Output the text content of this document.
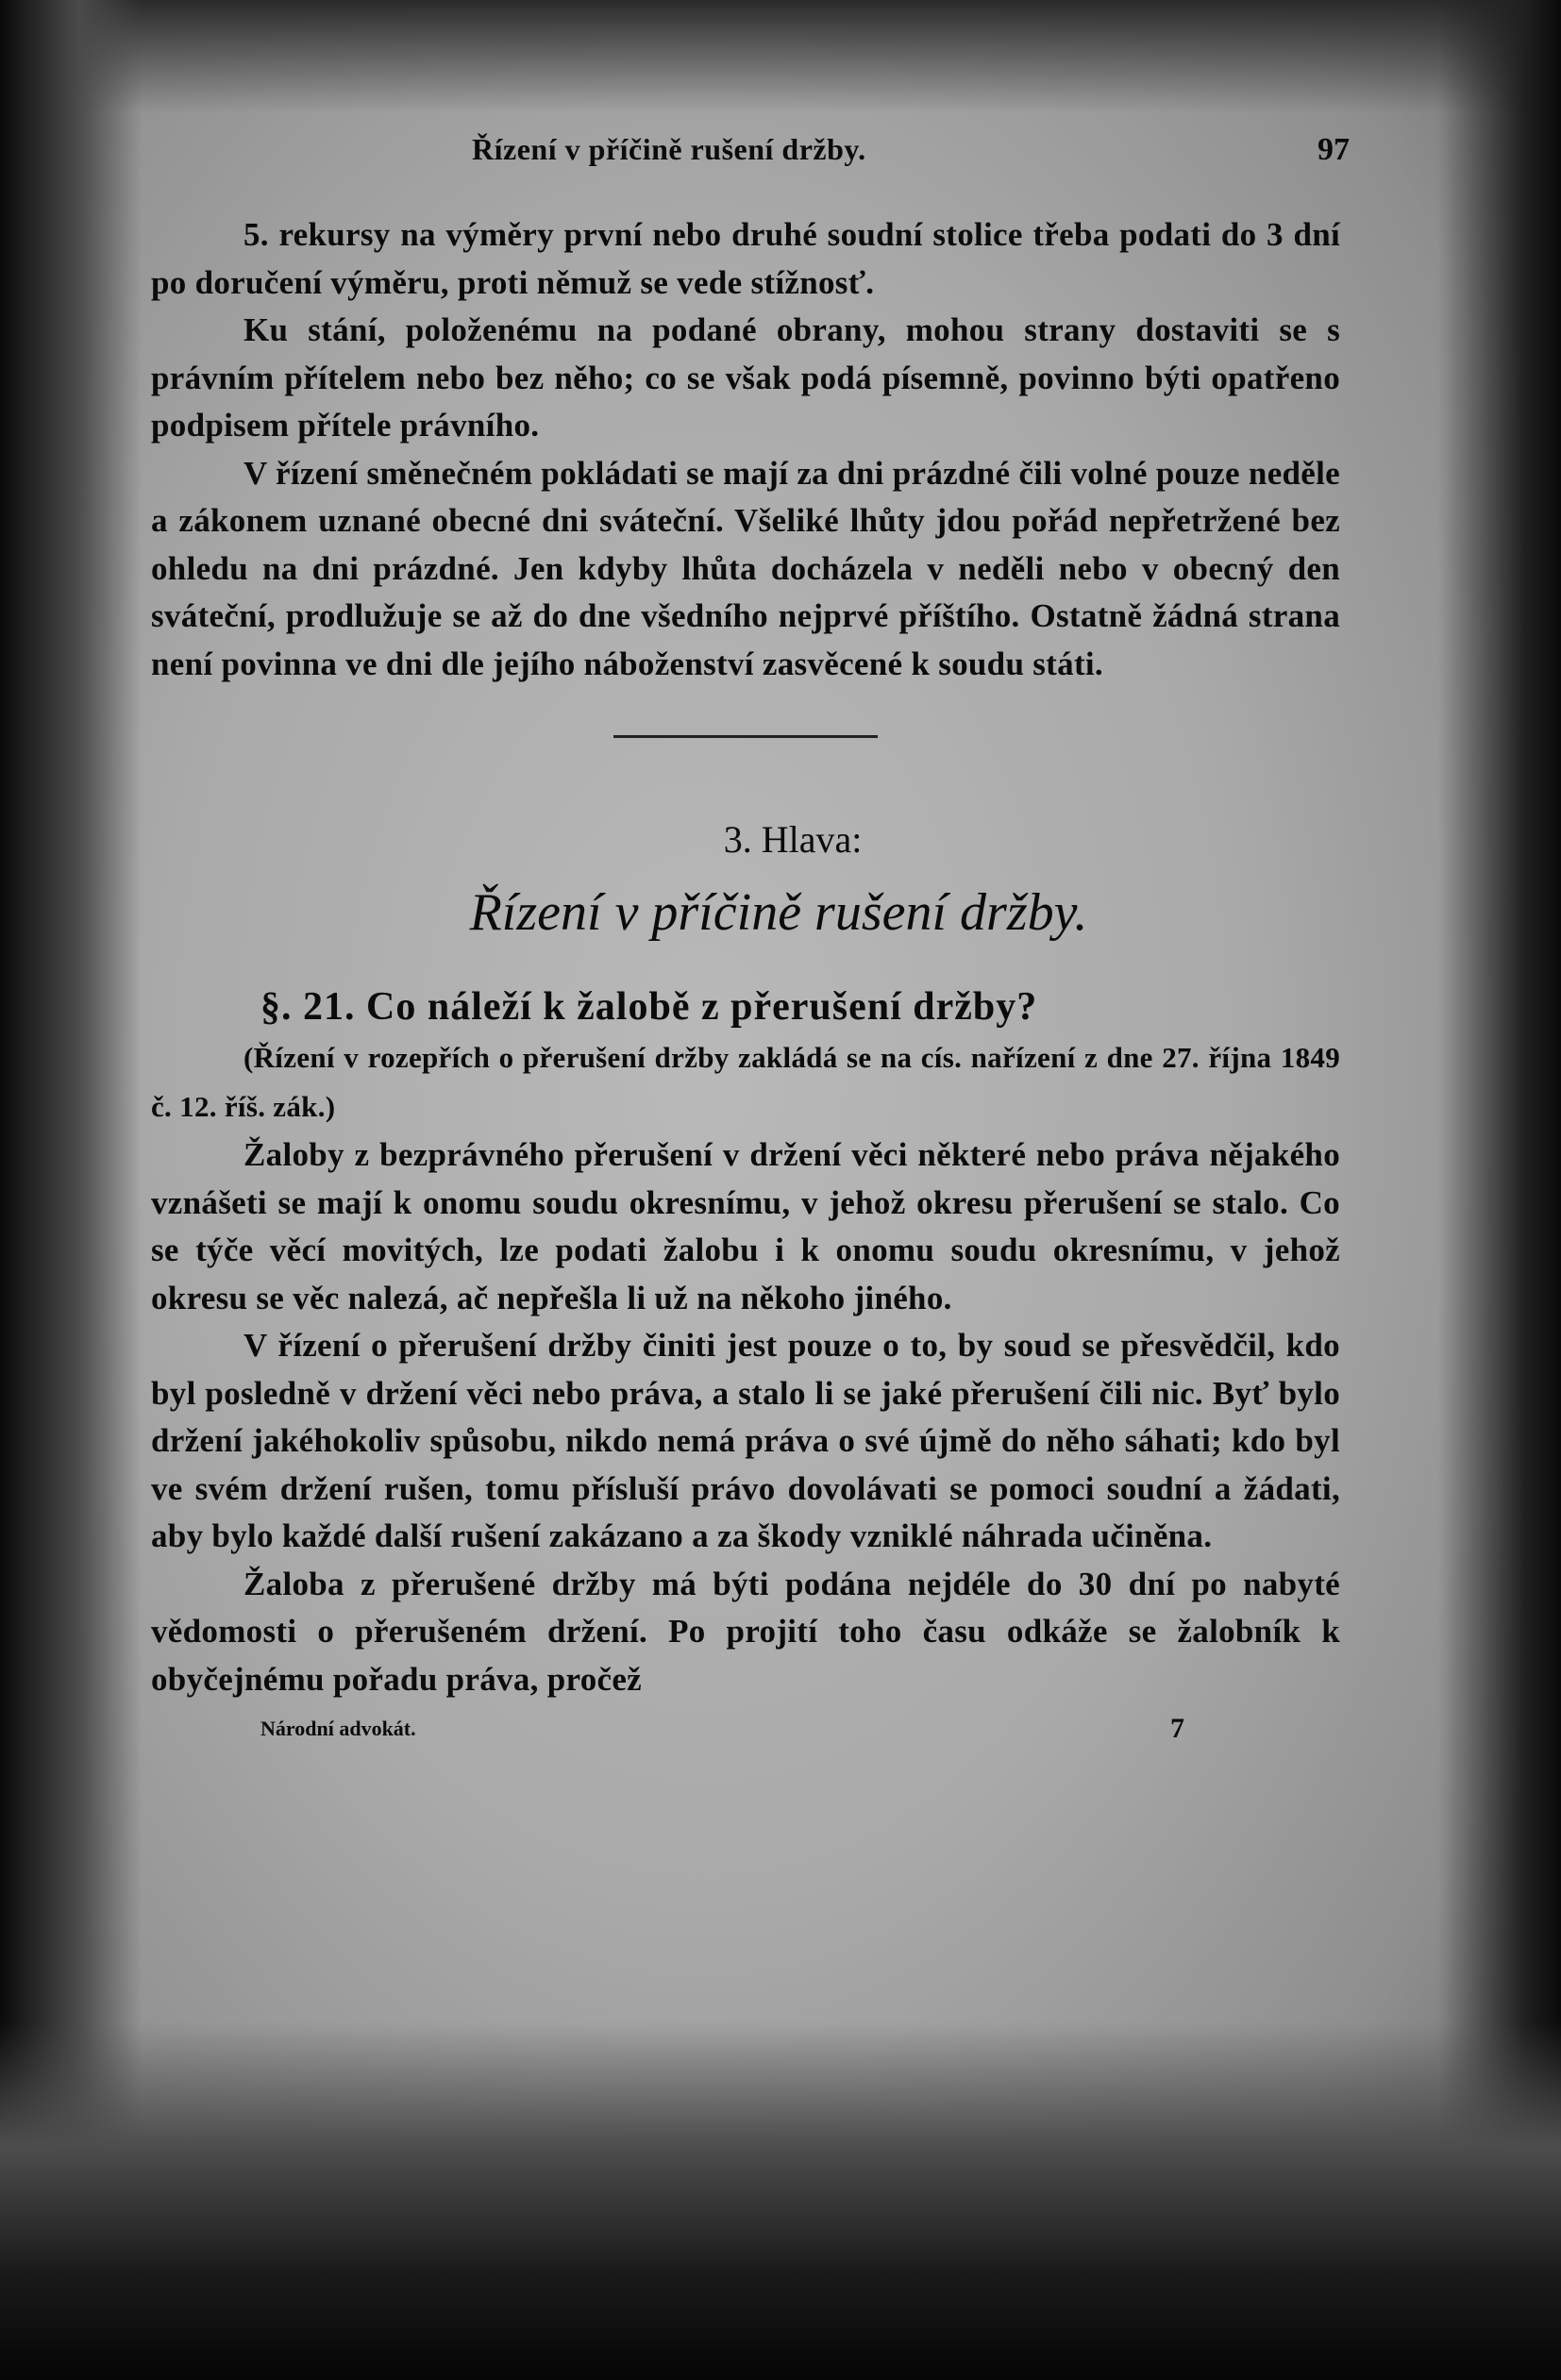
Řízení v příčině rušení držby.	97

5. rekursy na výměry první nebo druhé soudní stolice třeba podati do 3 dní po doručení výměru, proti němuž se vede stížnosť.

Ku stání, položenému na podané obrany, mohou strany dostaviti se s právním přítelem nebo bez něho; co se však podá písemně, povinno býti opatřeno podpisem přítele právního.

V řízení směnečném pokládati se mají za dni prázdné čili volné pouze neděle a zákonem uznané obecné dni sváteční. Všeliké lhůty jdou pořád nepřetržené bez ohledu na dni prázdné. Jen kdyby lhůta docházela v neděli nebo v obecný den sváteční, prodlužuje se až do dne všedního nejprvé příštího. Ostatně žádná strana není povinna ve dni dle jejího náboženství zasvěcené k soudu státi.

3. Hlava:
Řízení v příčině rušení držby.
§. 21. Co náleží k žalobě z přerušení držby?

(Řízení v rozepřích o přerušení držby zakládá se na cís. nařízení z dne 27. října 1849 č. 12. říš. zák.)

Žaloby z bezprávného přerušení v držení věci některé nebo práva nějakého vznášeti se mají k onomu soudu okresnímu, v jehož okresu přerušení se stalo. Co se týče věcí movitých, lze podati žalobu i k onomu soudu okresnímu, v jehož okresu se věc nalezá, ač nepřešla li už na někoho jiného.

V řízení o přerušení držby činiti jest pouze o to, by soud se přesvědčil, kdo byl posledně v držení věci nebo práva, a stalo li se jaké přerušení čili nic. Byť bylo držení jakéhokoliv spůsobu, nikdo nemá práva o své újmě do něho sáhati; kdo byl ve svém držení rušen, tomu přísluší právo dovolávati se pomoci soudní a žádati, aby bylo každé další rušení zakázano a za škody vzniklé náhrada učiněna.

Žaloba z přerušené držby má býti podána nejdéle do 30 dní po nabyté vědomosti o přerušeném držení. Po projití toho času odkáže se žalobník k obyčejnému pořadu práva, pročež

Národní advokát.	7
